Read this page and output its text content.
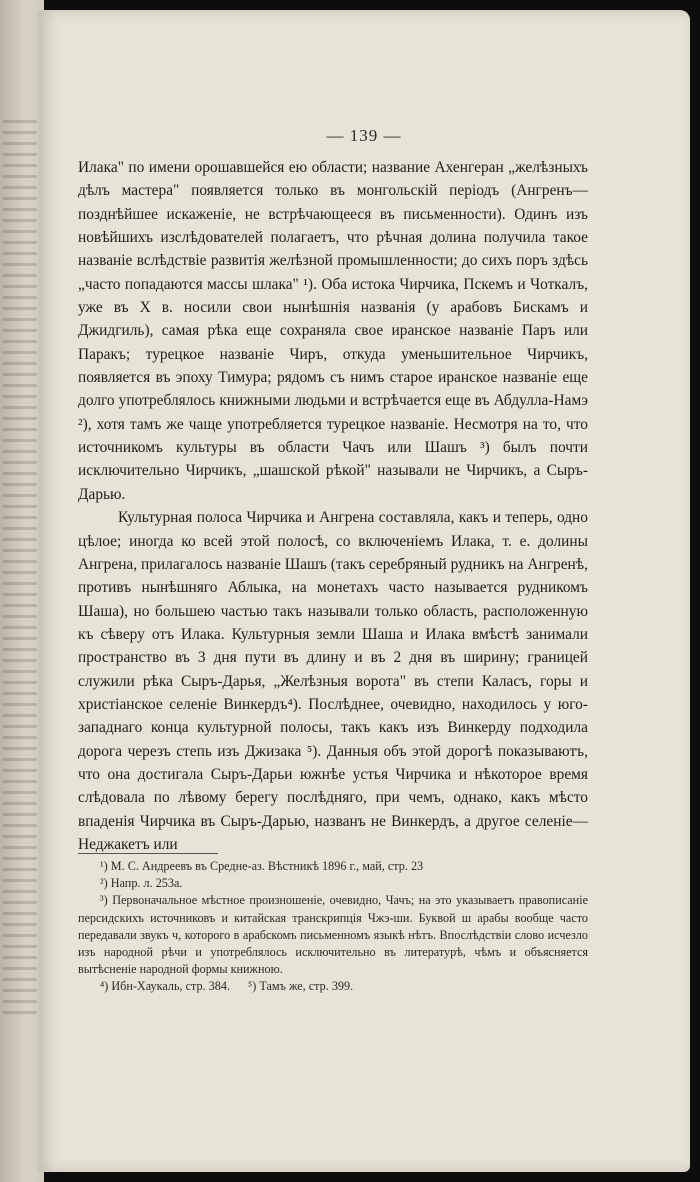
— 139 —

Илака" по имени орошавшейся ею области; название Ахенгеран „желѣзныхъ дѣлъ мастера" появляется только въ монгольскій періодъ (Ангренъ—позднѣйшее искаженіе, не встрѣчающееся въ письменности). Одинъ изъ новѣйшихъ изслѣдователей полагаетъ, что рѣчная долина получила такое названіе вслѣдствіе развитія желѣзной промышленности; до сихъ поръ здѣсь „часто попадаются массы шлака" ¹). Оба истока Чирчика, Пскемъ и Чоткалъ, уже въ X в. носили свои нынѣшнія названія (у арабовъ Бискамъ и Джидгиль), самая рѣка еще сохраняла свое иранское названіе Паръ или Паракъ; турецкое названіе Чиръ, откуда уменьшительное Чирчикъ, появляется въ эпоху Тимура; рядомъ съ нимъ старое иранское названіе еще долго употреблялось книжными людьми и встрѣчается еще въ Абдулла-Намэ ²), хотя тамъ же чаще употребляется турецкое названіе. Несмотря на то, что источникомъ культуры въ области Чачъ или Шашъ ³) былъ почти исключительно Чирчикъ, „шашской рѣкой" называли не Чирчикъ, а Сыръ-Дарью.

Культурная полоса Чирчика и Ангрена составляла, какъ и теперь, одно цѣлое; иногда ко всей этой полосѣ, со включеніемъ Илака, т. е. долины Ангрена, прилагалось названіе Шашъ (такъ серебряный рудникъ на Ангренѣ, противъ нынѣшняго Аблыка, на монетахъ часто называется рудникомъ Шаша), но большею частью такъ называли только область, расположенную къ сѣверу отъ Илака. Культурныя земли Шаша и Илака вмѣстѣ занимали пространство въ 3 дня пути въ длину и въ 2 дня въ ширину; границей служили рѣка Сыръ-Дарья, „Желѣзныя ворота" въ степи Каласъ, горы и христіанское селеніе Винкердъ⁴). Послѣднее, очевидно, находилось у юго-западнаго конца культурной полосы, такъ какъ изъ Винкерду подходила дорога черезъ степь изъ Джизака ⁵). Данныя объ этой дорогѣ показываютъ, что она достигала Сыръ-Дарьи южнѣе устья Чирчика и нѣкоторое время слѣдовала по лѣвому берегу послѣдняго, при чемъ, однако, какъ мѣсто впаденія Чирчика въ Сыръ-Дарью, названъ не Винкердъ, а другое селеніе—Неджакетъ или

¹) М. С. Андреевъ въ Средне-аз. Вѣстникѣ 1896 г., май, стр. 23

²) Напр. л. 253а.

³) Первоначальное мѣстное произношеніе, очевидно, Чачъ; на это указываетъ правописаніе персидскихъ источниковъ и китайская транскрипція Чжэ-ши. Буквой ш арабы вообще часто передавали звукъ ч, которого в арабскомъ письменномъ языкѣ нѣтъ. Впослѣдствіи слово исчезло изъ народной рѣчи и употреблялось исключительно въ литературѣ, чѣмъ и объясняется вытѣсненіе народной формы книжною.

⁴) Ибн-Хаукаль, стр. 384. ⁵) Тамъ же, стр. 399.
